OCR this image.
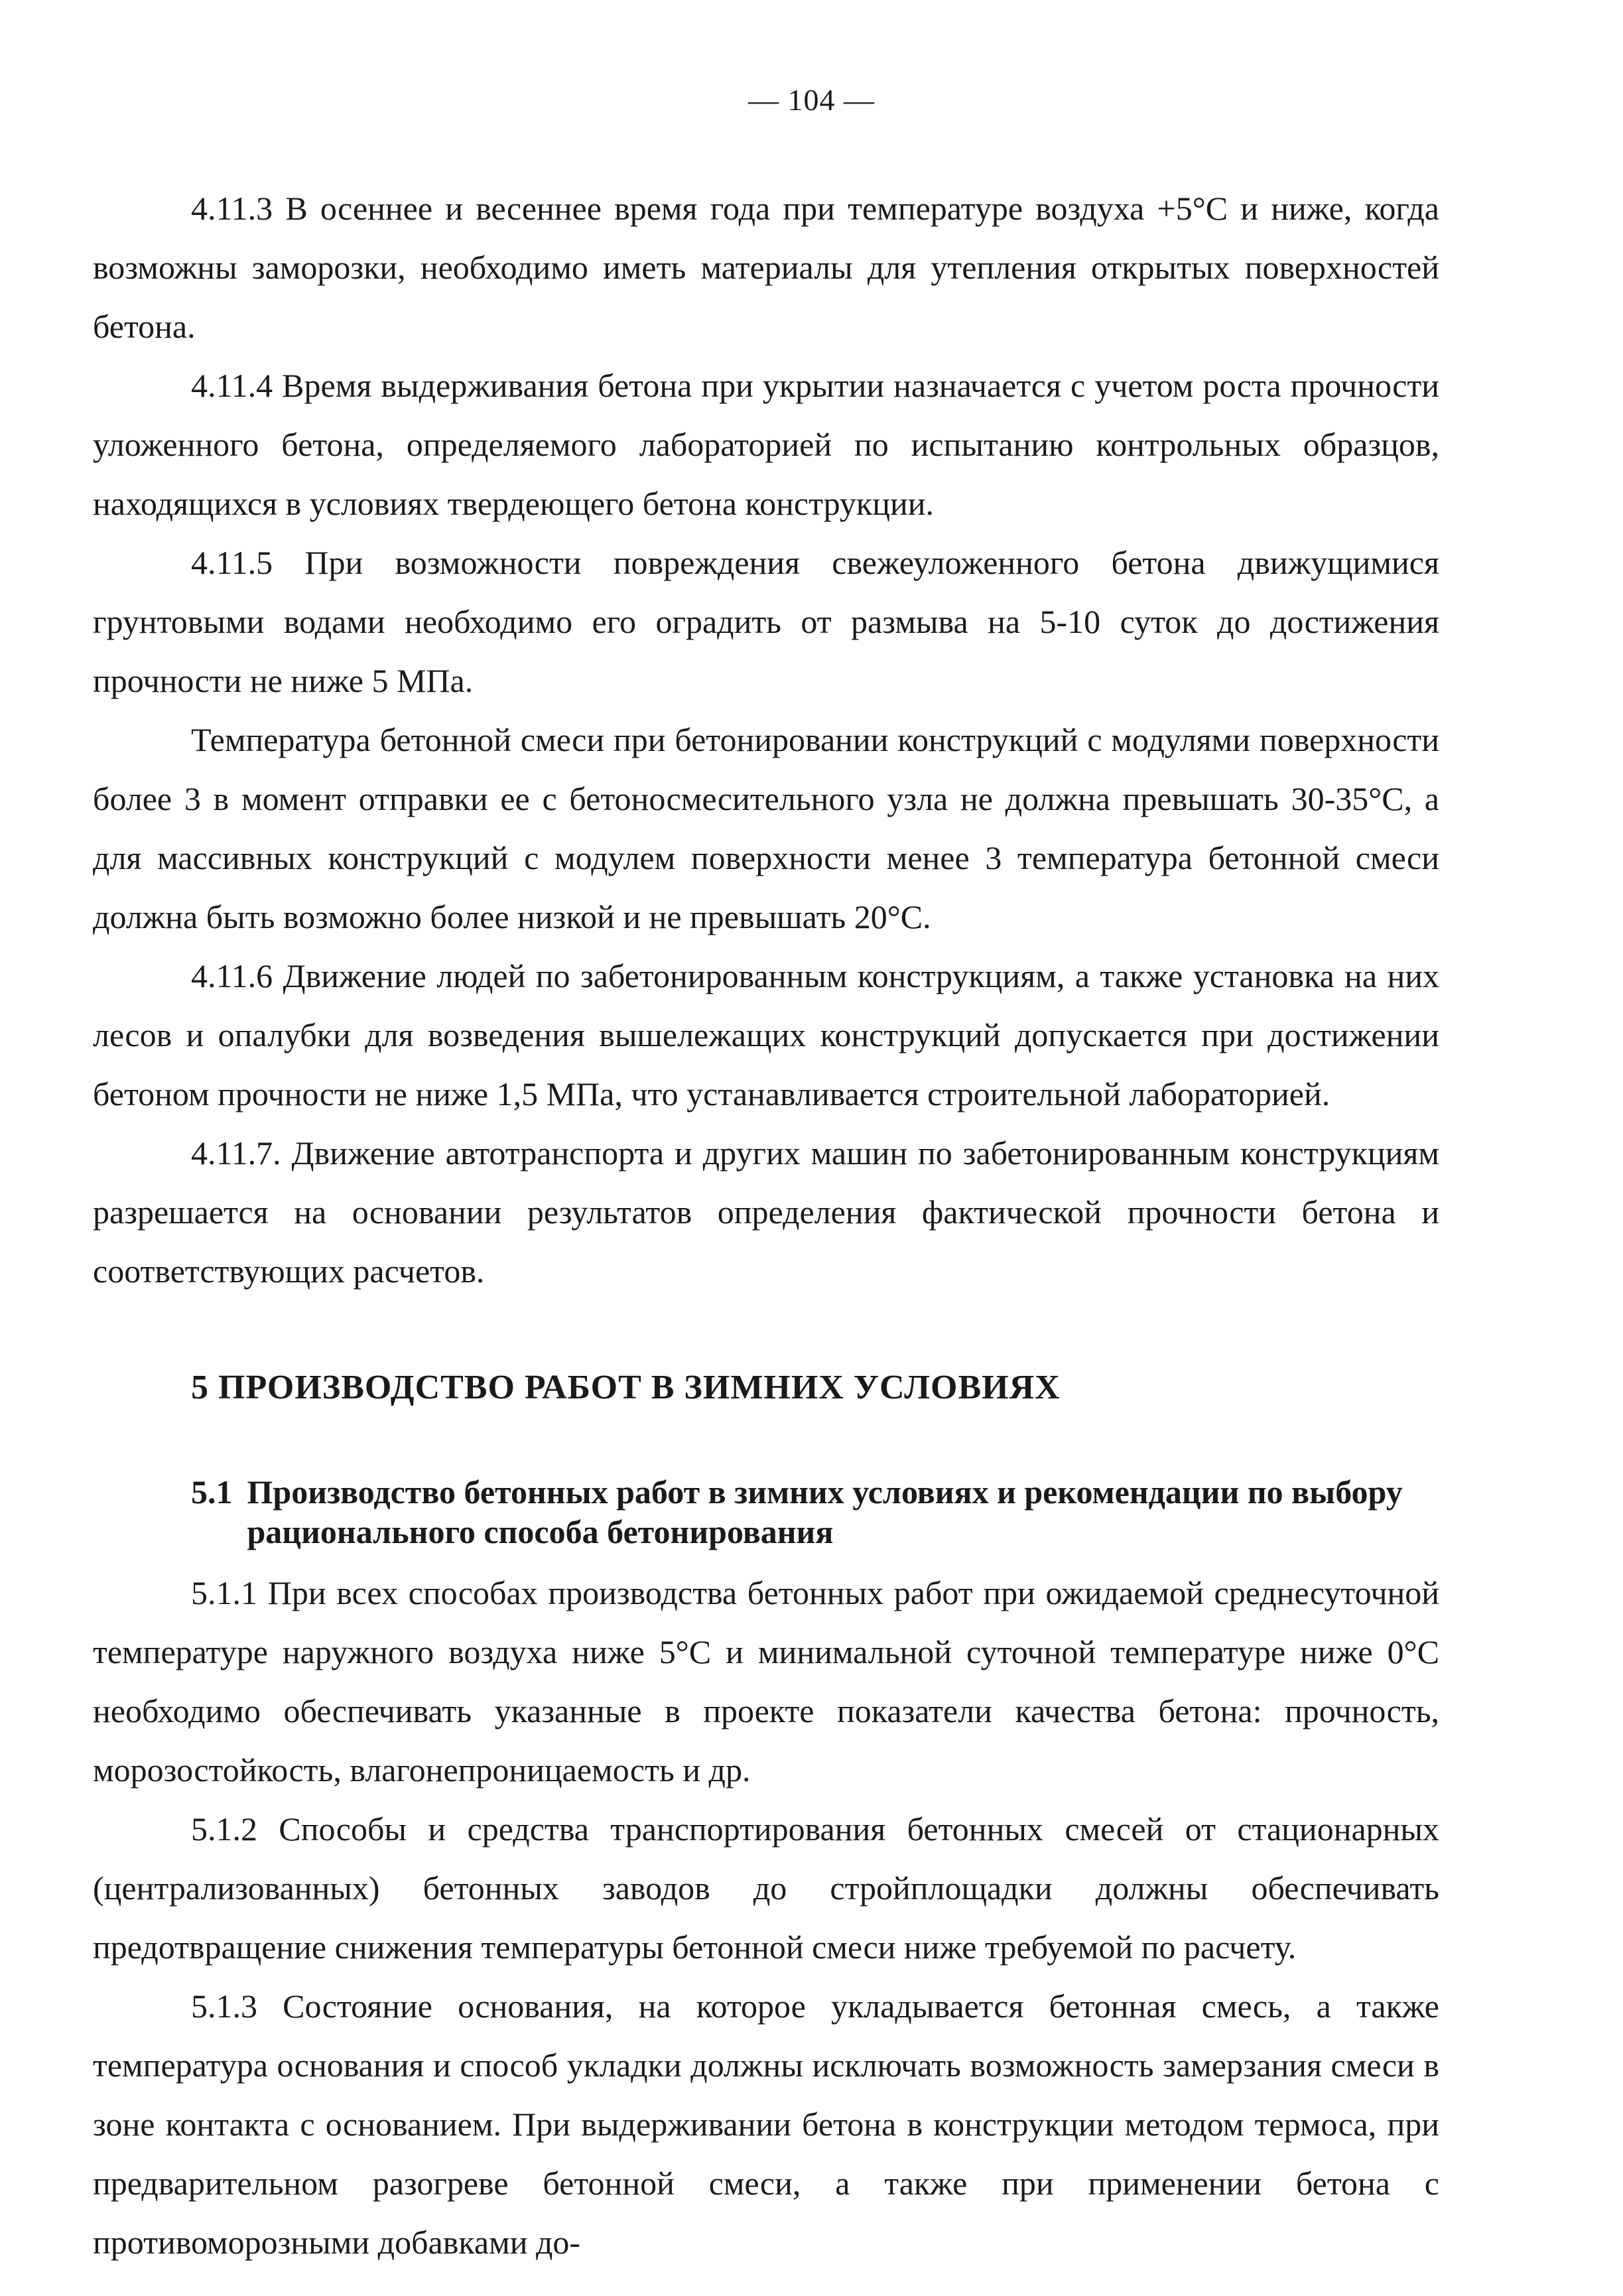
— 104 —

4.11.3 В осеннее и весеннее время года при температуре воздуха +5°С и ниже, когда возможны заморозки, необходимо иметь материалы для утепления открытых поверхностей бетона.

4.11.4 Время выдерживания бетона при укрытии назначается с учетом роста прочности уложенного бетона, определяемого лабораторией по испытанию контрольных образцов, находящихся в условиях твердеющего бетона конструкции.

4.11.5 При возможности повреждения свежеуложенного бетона движущимися грунтовыми водами необходимо его оградить от размыва на 5-10 суток до достижения прочности не ниже 5 МПа.

Температура бетонной смеси при бетонировании конструкций с модулями поверхности более 3 в момент отправки ее с бетоносмесительного узла не должна превышать 30-35°С, а для массивных конструкций с модулем поверхности менее 3 температура бетонной смеси должна быть возможно более низкой и не превышать 20°С.

4.11.6 Движение людей по забетонированным конструкциям, а также установка на них лесов и опалубки для возведения вышележащих конструкций допускается при достижении бетоном прочности не ниже 1,5 МПа, что устанавливается строительной лабораторией.

4.11.7. Движение автотранспорта и других машин по забетонированным конструкциям разрешается на основании результатов определения фактической прочности бетона и соответствующих расчетов.

5 ПРОИЗВОДСТВО РАБОТ В ЗИМНИХ УСЛОВИЯХ
5.1 Производство бетонных работ в зимних условиях и рекомендации по выбору рационального способа бетонирования

5.1.1 При всех способах производства бетонных работ при ожидаемой среднесуточной температуре наружного воздуха ниже 5°С и минимальной суточной температуре ниже 0°С необходимо обеспечивать указанные в проекте показатели качества бетона: прочность, морозостойкость, влагонепроницаемость и др.

5.1.2 Способы и средства транспортирования бетонных смесей от стационарных (централизованных) бетонных заводов до стройплощадки должны обеспечивать предотвращение снижения температуры бетонной смеси ниже требуемой по расчету.

5.1.3 Состояние основания, на которое укладывается бетонная смесь, а также температура основания и способ укладки должны исключать возможность замерзания смеси в зоне контакта с основанием. При выдерживании бетона в конструкции методом термоса, при предварительном разогреве бетонной смеси, а также при применении бетона с противоморозными добавками до-
